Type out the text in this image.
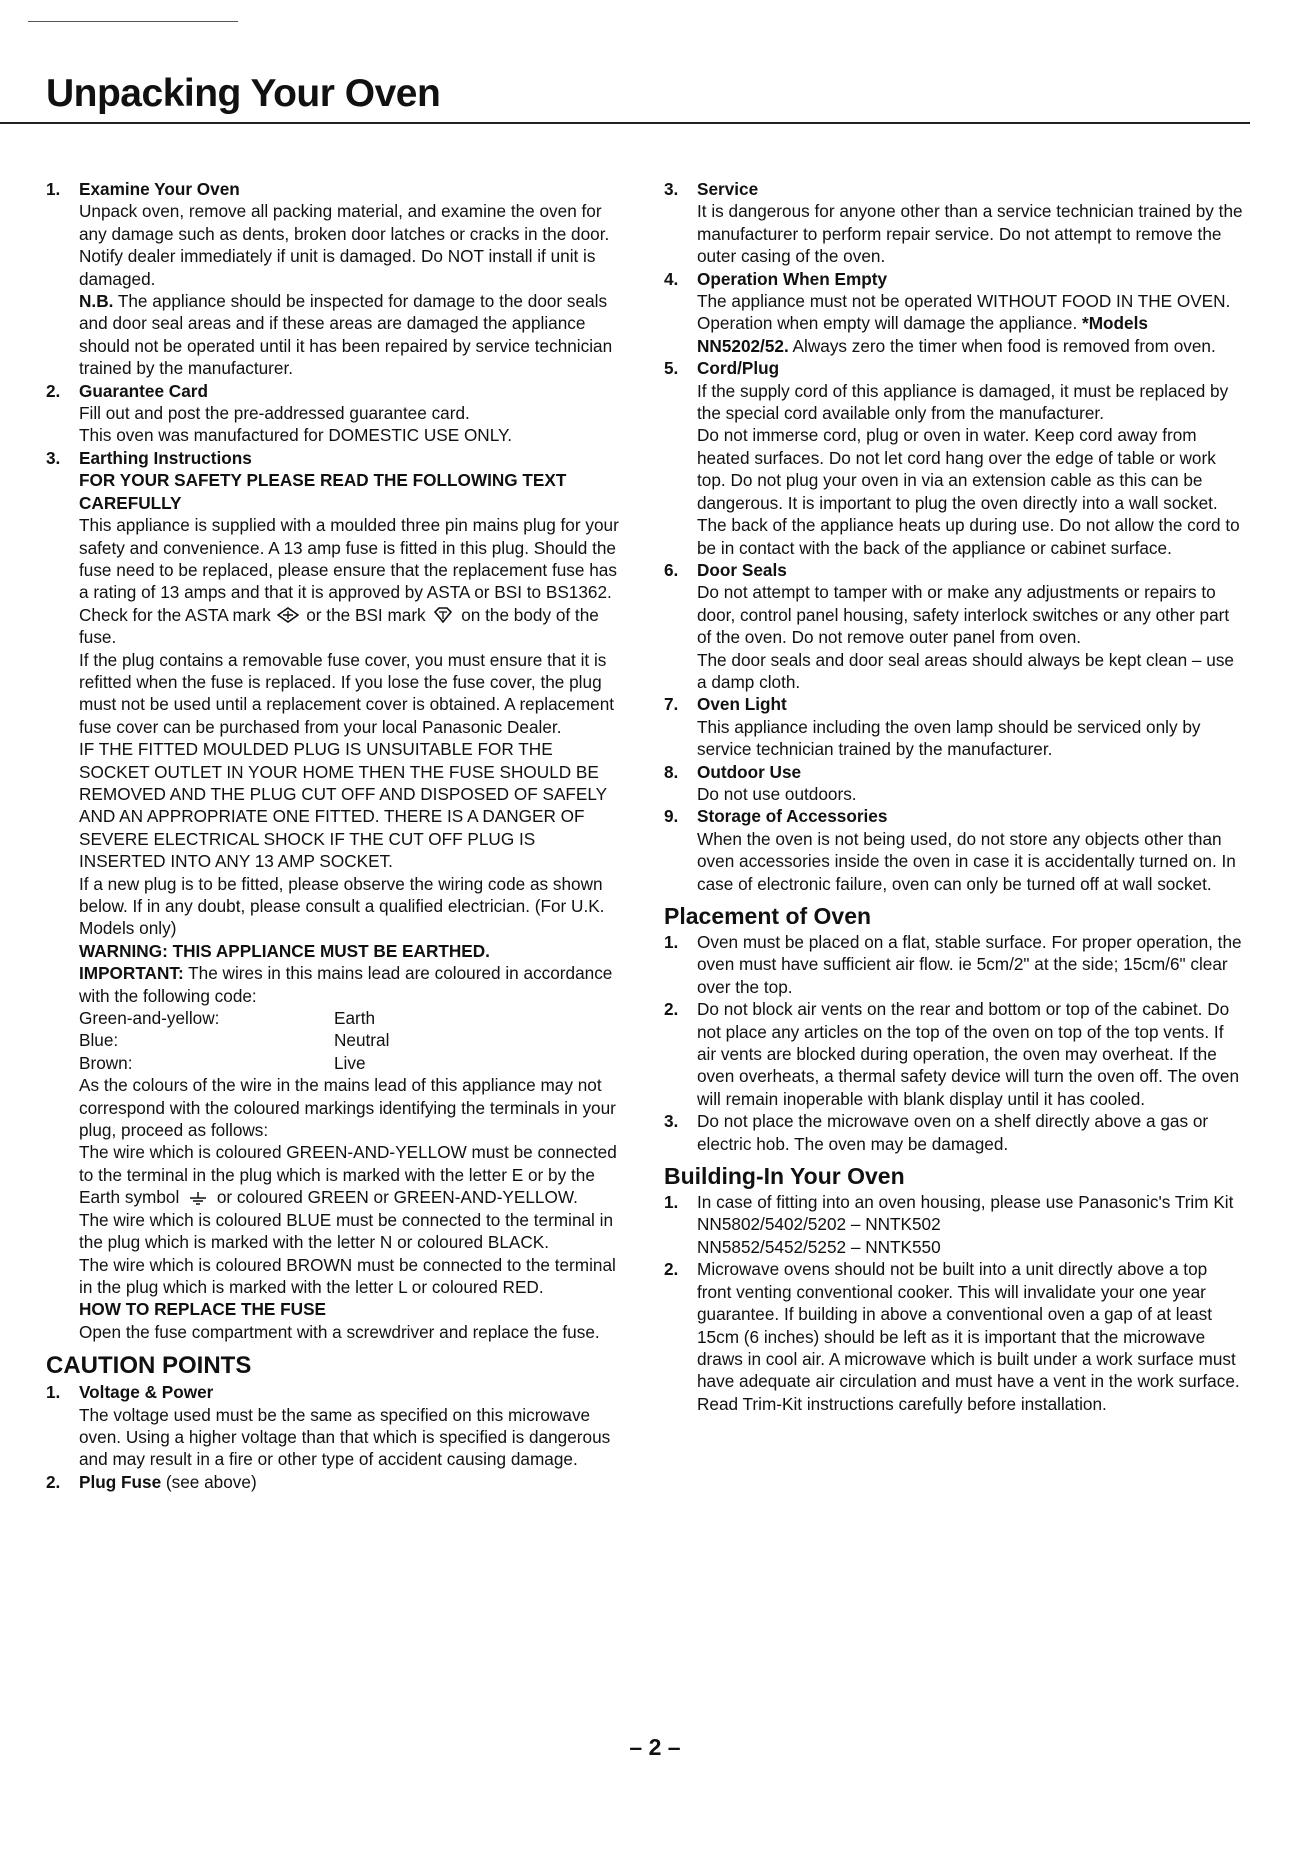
Unpacking Your Oven
1. Examine Your Oven
Unpack oven, remove all packing material, and examine the oven for any damage such as dents, broken door latches or cracks in the door. Notify dealer immediately if unit is damaged. Do NOT install if unit is damaged.
N.B. The appliance should be inspected for damage to the door seals and door seal areas and if these areas are damaged the appliance should not be operated until it has been repaired by service technician trained by the manufacturer.
2. Guarantee Card
Fill out and post the pre-addressed guarantee card.
This oven was manufactured for DOMESTIC USE ONLY.
3. Earthing Instructions
FOR YOUR SAFETY PLEASE READ THE FOLLOWING TEXT CAREFULLY
This appliance is supplied with a moulded three pin mains plug for your safety and convenience. A 13 amp fuse is fitted in this plug. Should the fuse need to be replaced, please ensure that the replacement fuse has a rating of 13 amps and that it is approved by ASTA or BSI to BS1362. Check for the ASTA mark or the BSI mark on the body of the fuse.
If the plug contains a removable fuse cover, you must ensure that it is refitted when the fuse is replaced. If you lose the fuse cover, the plug must not be used until a replacement cover is obtained. A replacement fuse cover can be purchased from your local Panasonic Dealer.
IF THE FITTED MOULDED PLUG IS UNSUITABLE FOR THE SOCKET OUTLET IN YOUR HOME THEN THE FUSE SHOULD BE REMOVED AND THE PLUG CUT OFF AND DISPOSED OF SAFELY AND AN APPROPRIATE ONE FITTED. THERE IS A DANGER OF SEVERE ELECTRICAL SHOCK IF THE CUT OFF PLUG IS INSERTED INTO ANY 13 AMP SOCKET.
If a new plug is to be fitted, please observe the wiring code as shown below. If in any doubt, please consult a qualified electrician. (For U.K. Models only)
WARNING: THIS APPLIANCE MUST BE EARTHED.
IMPORTANT: The wires in this mains lead are coloured in accordance with the following code:
Green-and-yellow:	Earth
Blue:	Neutral
Brown:	Live
As the colours of the wire in the mains lead of this appliance may not correspond with the coloured markings identifying the terminals in your plug, proceed as follows:
The wire which is coloured GREEN-AND-YELLOW must be connected to the terminal in the plug which is marked with the letter E or by the Earth symbol or coloured GREEN or GREEN-AND-YELLOW.
The wire which is coloured BLUE must be connected to the terminal in the plug which is marked with the letter N or coloured BLACK.
The wire which is coloured BROWN must be connected to the terminal in the plug which is marked with the letter L or coloured RED.
HOW TO REPLACE THE FUSE
Open the fuse compartment with a screwdriver and replace the fuse.
CAUTION POINTS
1. Voltage & Power
The voltage used must be the same as specified on this microwave oven. Using a higher voltage than that which is specified is dangerous and may result in a fire or other type of accident causing damage.
2. Plug Fuse (see above)
3. Service
It is dangerous for anyone other than a service technician trained by the manufacturer to perform repair service. Do not attempt to remove the outer casing of the oven.
4. Operation When Empty
The appliance must not be operated WITHOUT FOOD IN THE OVEN. Operation when empty will damage the appliance. *Models NN5202/52. Always zero the timer when food is removed from oven.
5. Cord/Plug
If the supply cord of this appliance is damaged, it must be replaced by the special cord available only from the manufacturer.
Do not immerse cord, plug or oven in water. Keep cord away from heated surfaces. Do not let cord hang over the edge of table or work top. Do not plug your oven in via an extension cable as this can be dangerous. It is important to plug the oven directly into a wall socket. The back of the appliance heats up during use. Do not allow the cord to be in contact with the back of the appliance or cabinet surface.
6. Door Seals
Do not attempt to tamper with or make any adjustments or repairs to door, control panel housing, safety interlock switches or any other part of the oven. Do not remove outer panel from oven.
The door seals and door seal areas should always be kept clean – use a damp cloth.
7. Oven Light
This appliance including the oven lamp should be serviced only by service technician trained by the manufacturer.
8. Outdoor Use
Do not use outdoors.
9. Storage of Accessories
When the oven is not being used, do not store any objects other than oven accessories inside the oven in case it is accidentally turned on. In case of electronic failure, oven can only be turned off at wall socket.
Placement of Oven
1. Oven must be placed on a flat, stable surface. For proper operation, the oven must have sufficient air flow. ie 5cm/2" at the side; 15cm/6" clear over the top.
2. Do not block air vents on the rear and bottom or top of the cabinet. Do not place any articles on the top of the oven on top of the top vents. If air vents are blocked during operation, the oven may overheat. If the oven overheats, a thermal safety device will turn the oven off. The oven will remain inoperable with blank display until it has cooled.
3. Do not place the microwave oven on a shelf directly above a gas or electric hob. The oven may be damaged.
Building-In Your Oven
1. In case of fitting into an oven housing, please use Panasonic's Trim Kit
NN5802/5402/5202 – NNTK502
NN5852/5452/5252 – NNTK550
2. Microwave ovens should not be built into a unit directly above a top front venting conventional cooker. This will invalidate your one year guarantee. If building in above a conventional oven a gap of at least 15cm (6 inches) should be left as it is important that the microwave draws in cool air. A microwave which is built under a work surface must have adequate air circulation and must have a vent in the work surface. Read Trim-Kit instructions carefully before installation.
– 2 –
